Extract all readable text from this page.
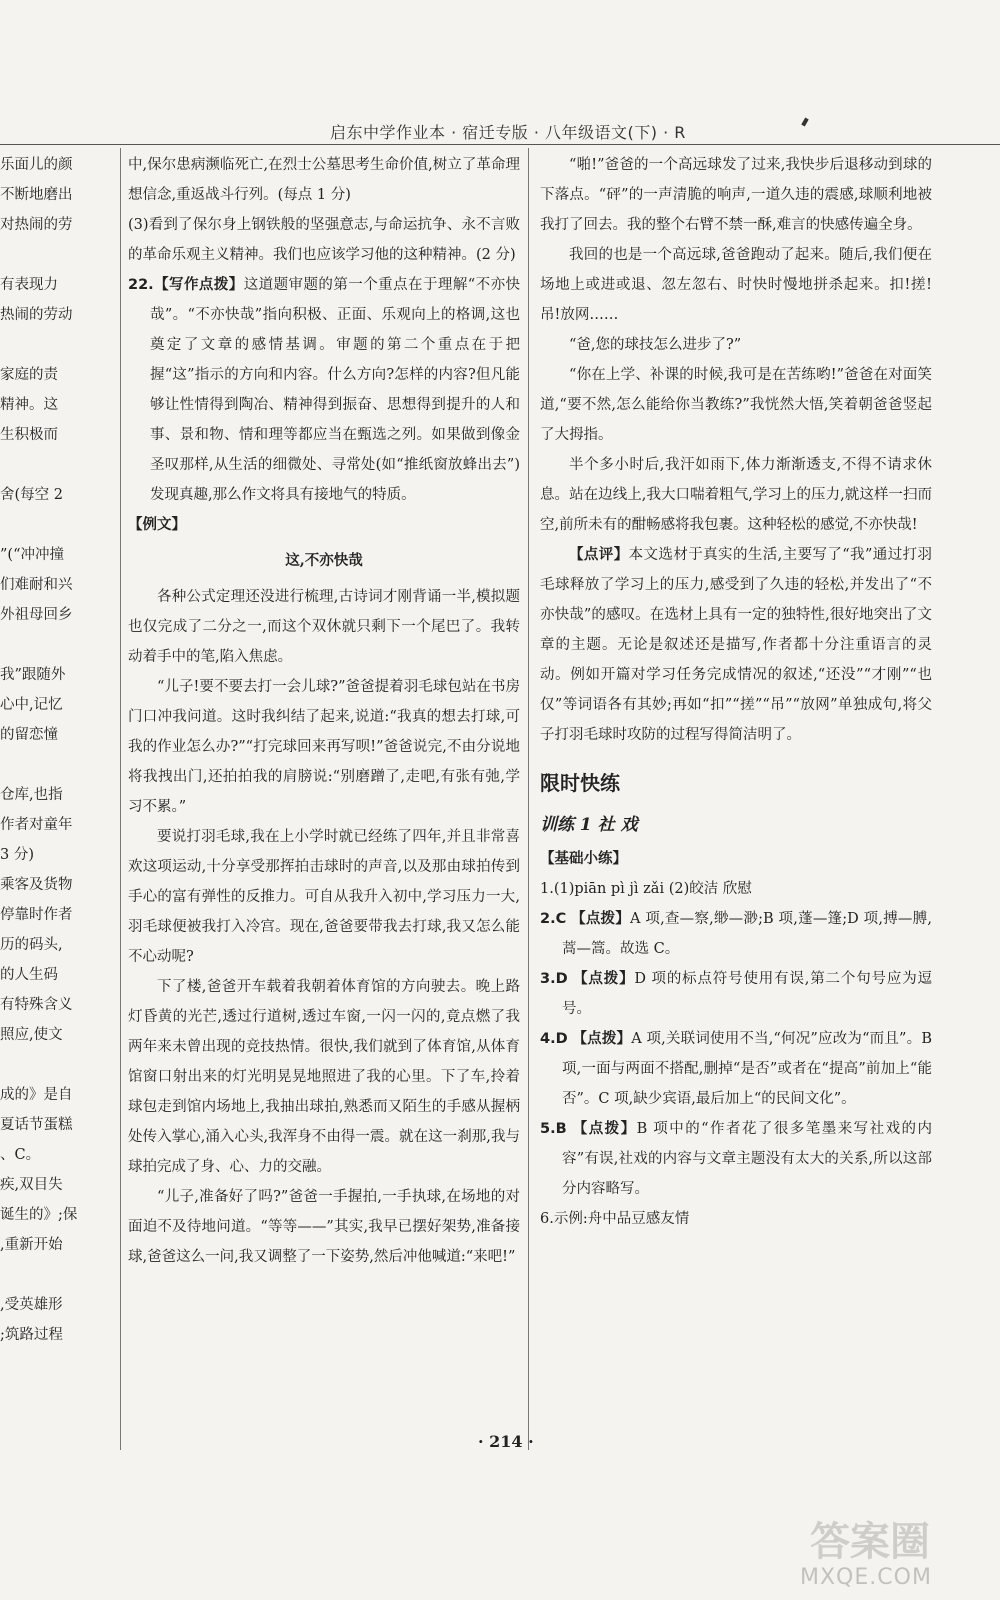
启东中学作业本 · 宿迁专版 · 八年级语文(下) · R
乐面儿的颜
不断地磨出
对热闹的劳

有表现力
热闹的劳动

家庭的责
精神。这
生积极而

舍(每空 2

”(“冲冲撞
们难耐和兴
外祖母回乡

我”跟随外
心中,记忆
的留恋憧

仓库,也指
作者对童年
3 分)
乘客及货物
停靠时作者
历的码头,
的人生码
有特殊含义
照应,使文

成的》是自
夏话节蛋糕
、C。
疾,双目失
诞生的》;保
,重新开始

,受英雄形
;筑路过程

中,保尔患病濒临死亡,在烈士公墓思考生命价值,树立了革命理想信念,重返战斗行列。(每点 1 分)

(3)看到了保尔身上钢铁般的坚强意志,与命运抗争、永不言败的革命乐观主义精神。我们也应该学习他的这种精神。(2 分)

22.【写作点拨】这道题审题的第一个重点在于理解“不亦快哉”。“不亦快哉”指向积极、正面、乐观向上的格调,这也奠定了文章的感情基调。审题的第二个重点在于把握“这”指示的方向和内容。什么方向?怎样的内容?但凡能够让性情得到陶冶、精神得到振奋、思想得到提升的人和事、景和物、情和理等都应当在甄选之列。如果做到像金圣叹那样,从生活的细微处、寻常处(如“推纸窗放蜂出去”)发现真趣,那么作文将具有接地气的特质。

【例文】

这,不亦快哉

各种公式定理还没进行梳理,古诗词才刚背诵一半,模拟题也仅完成了二分之一,而这个双休就只剩下一个尾巴了。我转动着手中的笔,陷入焦虑。

“儿子!要不要去打一会儿球?”爸爸提着羽毛球包站在书房门口冲我问道。这时我纠结了起来,说道:“我真的想去打球,可我的作业怎么办?”“打完球回来再写呗!”爸爸说完,不由分说地将我拽出门,还拍拍我的肩膀说:“别磨蹭了,走吧,有张有弛,学习不累。”

要说打羽毛球,我在上小学时就已经练了四年,并且非常喜欢这项运动,十分享受那挥拍击球时的声音,以及那由球拍传到手心的富有弹性的反推力。可自从我升入初中,学习压力一大,羽毛球便被我打入冷宫。现在,爸爸要带我去打球,我又怎么能不心动呢?

下了楼,爸爸开车载着我朝着体育馆的方向驶去。晚上路灯昏黄的光芒,透过行道树,透过车窗,一闪一闪的,竟点燃了我两年来未曾出现的竞技热情。很快,我们就到了体育馆,从体育馆窗口射出来的灯光明晃晃地照进了我的心里。下了车,拎着球包走到馆内场地上,我抽出球拍,熟悉而又陌生的手感从握柄处传入掌心,涌入心头,我浑身不由得一震。就在这一刹那,我与球拍完成了身、心、力的交融。

“儿子,准备好了吗?”爸爸一手握拍,一手执球,在场地的对面迫不及待地问道。“等等——”其实,我早已摆好架势,准备接球,爸爸这么一问,我又调整了一下姿势,然后冲他喊道:“来吧!”

“啪!”爸爸的一个高远球发了过来,我快步后退移动到球的下落点。“砰”的一声清脆的响声,一道久违的震感,球顺利地被我打了回去。我的整个右臂不禁一酥,难言的快感传遍全身。

我回的也是一个高远球,爸爸跑动了起来。随后,我们便在场地上或进或退、忽左忽右、时快时慢地拼杀起来。扣!搓!吊!放网……

“爸,您的球技怎么进步了?”

“你在上学、补课的时候,我可是在苦练哟!”爸爸在对面笑道,“要不然,怎么能给你当教练?”我恍然大悟,笑着朝爸爸竖起了大拇指。

半个多小时后,我汗如雨下,体力渐渐透支,不得不请求休息。站在边线上,我大口喘着粗气,学习上的压力,就这样一扫而空,前所未有的酣畅感将我包裹。这种轻松的感觉,不亦快哉!

【点评】本文选材于真实的生活,主要写了“我”通过打羽毛球释放了学习上的压力,感受到了久违的轻松,并发出了“不亦快哉”的感叹。在选材上具有一定的独特性,很好地突出了文章的主题。无论是叙述还是描写,作者都十分注重语言的灵动。例如开篇对学习任务完成情况的叙述,“还没”“才刚”“也仅”等词语各有其妙;再如“扣”“搓”“吊”“放网”单独成句,将父子打羽毛球时攻防的过程写得简洁明了。

限时快练

训练 1 社 戏

【基础小练】

1.(1)piān pì jì zǎi (2)皎洁 欣慰

2.C 【点拨】A 项,查—察,缈—渺;B 项,蓬—篷;D 项,搏—膊,蒿—篙。故选 C。

3.D 【点拨】D 项的标点符号使用有误,第二个句号应为逗号。

4.D 【点拨】A 项,关联词使用不当,“何况”应改为“而且”。B 项,一面与两面不搭配,删掉“是否”或者在“提高”前加上“能否”。C 项,缺少宾语,最后加上“的民间文化”。

5.B 【点拨】B 项中的“作者花了很多笔墨来写社戏的内容”有误,社戏的内容与文章主题没有太大的关系,所以这部分内容略写。

6.示例:舟中品豆感友情

· 214 ·
答案圈
MXQE.COM
